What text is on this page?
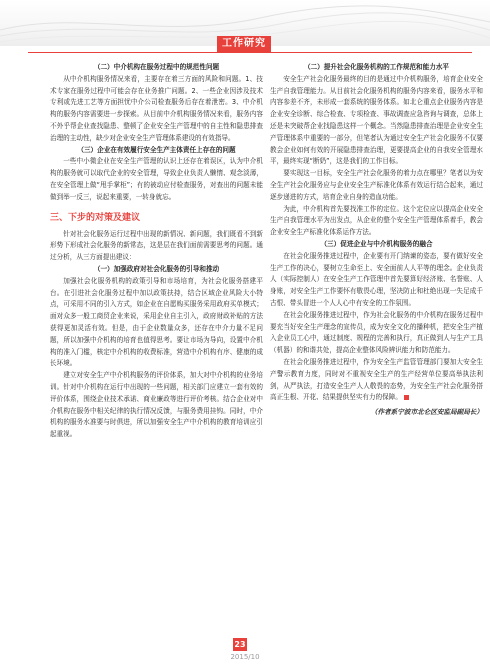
工作研究

（二）中介机构在服务过程中的规范性问题

从中介机构服务情况来看，主要存在着三方面的风险和问题。1、技术专家在服务过程中可能会存在业务推广问题。2、一些企业因涉及技术专利或先进工艺等方面担忧中介公司检查服务后存在着泄密。3、中介机构的服务内容需要进一步探索。从目前中介机构服务情况来看，服务内容不外乎帮企业查找隐患、整顿了企业安全生产管理中的自主性和隐患排查治理的主动性，缺少对企业安全生产管理体系建设的有效指导。

（三）企业在有效履行安全生产主体责任上存在的问题

一些中小微企业在安全生产管理的认识上还存在着误区，认为中介机构的服务就可以取代企业的安全管理，导致企业负责人懒惰、观念淡薄，在安全管理上做“甩手掌柜”；有的被动应付检查服务，对查出的问题未能做到举一反三，说起来重要，一转身就忘。

三、下步的对策及建议

针对社会化服务运行过程中出现的新情况、新问题，我们既看不到新形势下形成社会化服务的新常态，这是层在我们面前需要思考的问题。通过分析，从三方面提出建议：

（一）加强政府对社会化服务的引导和推动

加强社会化服务机构的政策引导和市场培育，为社会化服务搭建平台。在引进社会化服务过程中加以政策扶持，结合区域企业风险大小特点，可采用不同的引入方式，如企业在自愿购买服务采用政府买单模式；面对众多一般工商贸企业来说，采用企业自主引入，政府财政补贴的方法获得更加灵活有效。但是，由于企业数量众多，还存在中介力量不足问题，所以加强中介机构的培育也值得思考。要让市场为导向，设置中介机构的准入门槛，核定中介机构的收费标准，营造中介机构有序、健康的成长环境。

建立对安全生产中介机构服务的评价体系，加大对中介机构的业务培训。针对中介机构在运行中出现的一些问题，相关部门应建立一套有效的评价体系，围绕企业技术承诺、商业廉政等进行评价考核。结合企业对中介机构在服务中相关纪律的执行情况反馈，与服务费用挂钩。同时，中介机构的服务水准要与时俱进，所以加强安全生产中介机构的教育培训应引起重视。

（二）提升社会化服务机构的工作规范和能力水平

安全生产社会化服务最终的目的是通过中介机构服务，培育企业安全生产自我管理能力。从目前社会化服务机构的服务内容来看，服务水平和内容参差不齐，未形成一套系统的服务体系。如北仑重点企业服务内容是企业安全诊断、综合检查、专项检查、事故调查应急咨询与调查，总体上还是未突破帮企业找隐患这样一个概念。当然隐患排查治理是企业安全生产管理体系中重要的一部分，但笔者认为通过安全生产社会化服务不仅要教会企业如何有效的开展隐患排查治理，更要提高企业的自我安全管理水平，最终实现“断奶”，这是我们的工作目标。

要实现这一目标，安全生产社会化服务的着力点在哪里？笔者以为安全生产社会化服务应与企业安全生产标准化体系有效运行结合起来，通过逐步递进的方式，培育企业自身的造血功能。

为此，中介机构首先要找准工作的定位。这个定位应以提高企业安全生产自我管理水平为出发点，从企业的整个安全生产管理体系着手，教会企业安全生产标准化体系运作方法。

（三）促进企业与中介机构服务的融合

在社会化服务推进过程中，企业要有开门纳谏的姿态，要有做好安全生产工作的决心，要树立生命至上、安全面前人人平等的理念。企业负责人（实际控制人）在安全生产工作管理中首先要算好经济账、名誉账、人身账，对安全生产工作要怀有敬畏心理，坚决防止和杜绝出现一失足成千古恨、带头冒进一个人人心中有安全的工作氛围。

在社会化服务推进过程中，作为社会化服务的中介机构在服务过程中要充当好安全生产理念的宣传员，成为安全文化的播种机，把安全生产植入企业员工心中，通过制度、规程的完善和执行，真正做到人与生产工具（机器）的和谐共处，提高企业整体风险辨识能力和防范能力。

在社会化服务推进过程中，作为安全生产监管管理部门要加大安全生产警示教育力度，同时对不重视安全生产的生产经营单位要高举执法利剑，从严执法，打造安全生产人人敬畏的态势，为安全生产社会化服务搭高正生根、开花、结果提供坚实有力的保障。

（作者系宁波市北仑区安监局副局长）

23
2015/10
